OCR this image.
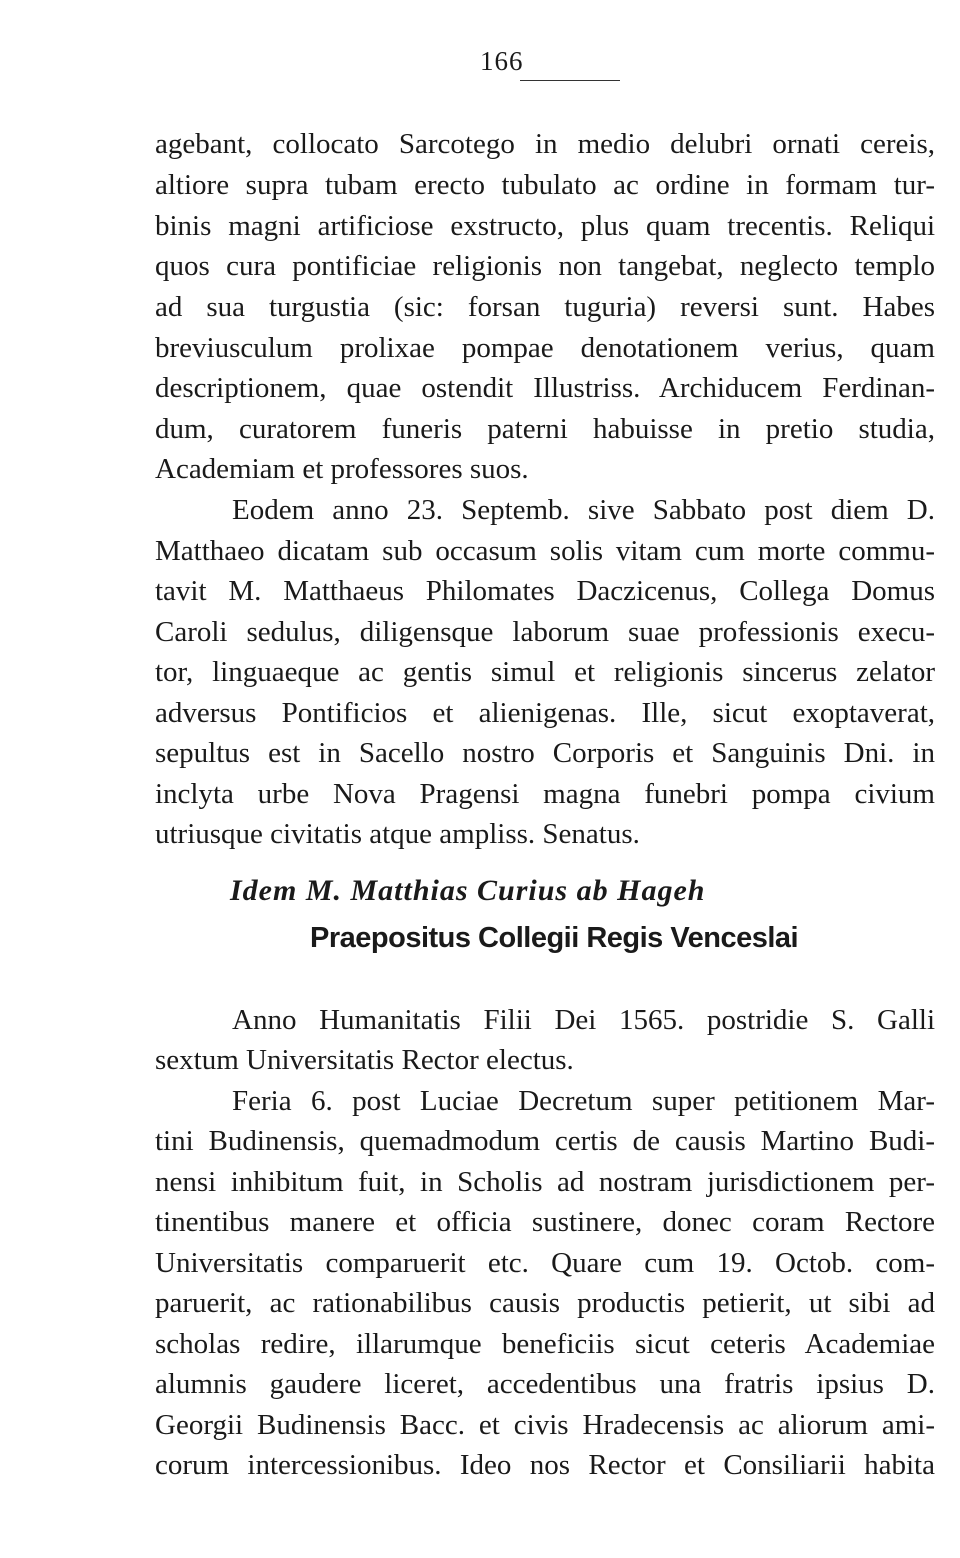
166
agebant, collocato Sarcotego in medio delubri ornati cereis,
altiore supra tubam erecto tubulato ac ordine in formam tur-
binis magni artificiose exstructo, plus quam trecentis. Reliqui
quos cura pontificiae religionis non tangebat, neglecto templo
ad sua turgustia (sic: forsan tuguria) reversi sunt. Habes
breviusculum prolixae pompae denotationem verius, quam
descriptionem, quae ostendit Illustriss. Archiducem Ferdinan-
dum, curatorem funeris paterni habuisse in pretio studia,
Academiam et professores suos.
Eodem anno 23. Septemb. sive Sabbato post diem D.
Matthaeo dicatam sub occasum solis vitam cum morte commu-
tavit M. Matthaeus Philomates Daczicenus, Collega Domus
Caroli sedulus, diligensque laborum suae professionis execu-
tor, linguaeque ac gentis simul et religionis sincerus zelator
adversus Pontificios et alienigenas. Ille, sicut exoptaverat,
sepultus est in Sacello nostro Corporis et Sanguinis Dni. in
inclyta urbe Nova Pragensi magna funebri pompa civium
utriusque civitatis atque ampliss. Senatus.
Idem M. Matthias Curius ab Hageh
Praepositus Collegii Regis Venceslai
Anno Humanitatis Filii Dei 1565. postridie S. Galli
sextum Universitatis Rector electus.
Feria 6. post Luciae Decretum super petitionem Mar-
tini Budinensis, quemadmodum certis de causis Martino Budi-
nensi inhibitum fuit, in Scholis ad nostram jurisdictionem per-
tinentibus manere et officia sustinere, donec coram Rectore
Universitatis comparuerit etc. Quare cum 19. Octob. com-
paruerit, ac rationabilibus causis productis petierit, ut sibi ad
scholas redire, illarumque beneficiis sicut ceteris Academiae
alumnis gaudere liceret, accedentibus una fratris ipsius D.
Georgii Budinensis Bacc. et civis Hradecensis ac aliorum ami-
corum intercessionibus. Ideo nos Rector et Consiliarii habita
